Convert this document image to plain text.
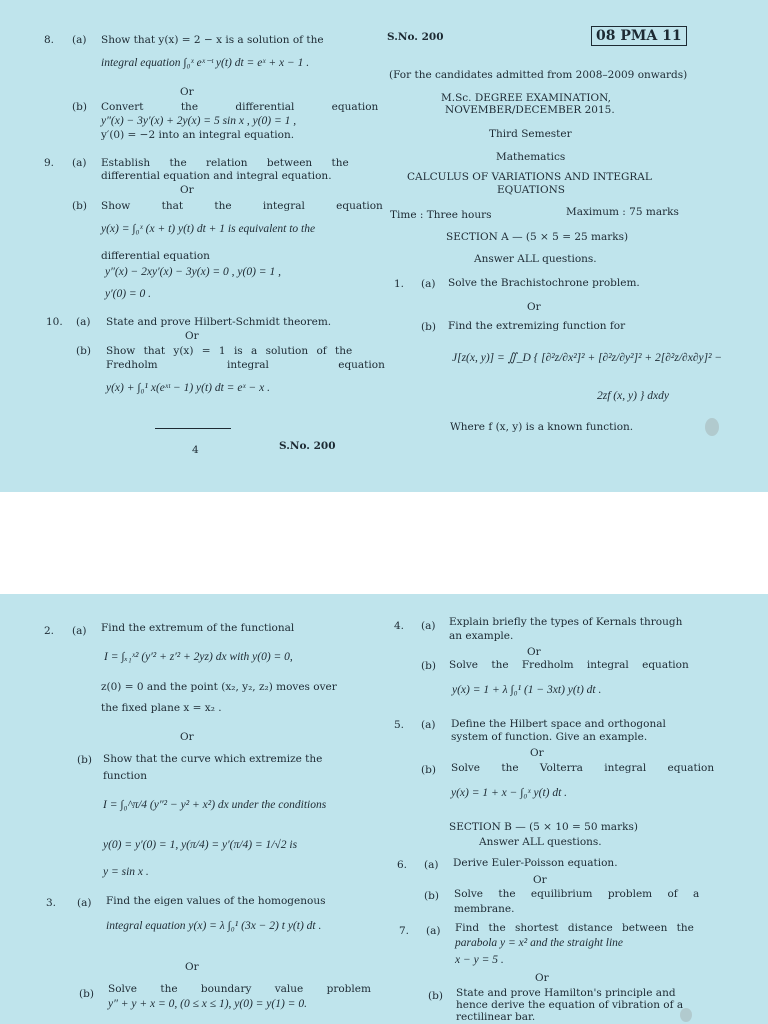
8. (a) Show that y(x) = 2 − x is a solution of the
integral equation ∫₀ˣ eˣ⁻ᵗ y(t) dt = eˣ + x − 1 .
Or
(b) Convert the differential equation
y″(x) − 3y′(x) + 2y(x) = 5 sin x , y(0) = 1 ,
y′(0) = −2 into an integral equation.
9. (a) Establish the relation between the
differential equation and integral equation.
Or
(b) Show that the integral equation
y(x) = ∫₀ˣ (x + t) y(t) dt + 1 is equivalent to the
differential equation
y″(x) − 2xy′(x) − 3y(x) = 0 , y(0) = 1 ,
y′(0) = 0 .
10. (a) State and prove Hilbert-Schmidt theorem.
Or
(b) Show that y(x) = 1 is a solution of the
Fredholm integral equation
y(x) + ∫₀¹ x(eˣᵗ − 1) y(t) dt = eˣ − x .
4	S.No. 200
S.No. 200	08 PMA 11
(For the candidates admitted from 2008–2009 onwards)
M.Sc. DEGREE EXAMINATION,
NOVEMBER/DECEMBER 2015.
Third Semester
Mathematics
CALCULUS OF VARIATIONS AND INTEGRAL
EQUATIONS
Time : Three hours	Maximum : 75 marks
SECTION A — (5 × 5 = 25 marks)
Answer ALL questions.
1. (a) Solve the Brachistochrone problem.
Or
(b) Find the extremizing function for
J[z(x, y)] = ∬_D { [∂²z/∂x²]² + [∂²z/∂y²]² + 2[∂²z/∂x∂y]² −
2zf (x, y) } dxdy
Where f (x, y) is a known function.
2. (a) Find the extremum of the functional
I = ∫ₓ₁ˣ² (y′² + z′² + 2yz) dx with y(0) = 0,
z(0) = 0 and the point (x₂, y₂, z₂) moves over
the fixed plane x = x₂ .
Or
(b) Show that the curve which extremize the
function
I = ∫₀^π/4 (y″² − y² + x²) dx under the conditions
y(0) = y′(0) = 1, y(π/4) = y′(π/4) = 1/√2 is
y = sin x .
3. (a) Find the eigen values of the homogenous
integral equation y(x) = λ ∫₀¹ (3x − 2) t y(t) dt .
Or
(b) Solve the boundary value problem
y″ + y + x = 0, (0 ≤ x ≤ 1), y(0) = y(1) = 0.
4. (a) Explain briefly the types of Kernals through
an example.
Or
(b) Solve the Fredholm integral equation
y(x) = 1 + λ ∫₀¹ (1 − 3xt) y(t) dt .
5. (a) Define the Hilbert space and orthogonal
system of function. Give an example.
Or
(b) Solve the Volterra integral equation
y(x) = 1 + x − ∫₀ˣ y(t) dt .
SECTION B — (5 × 10 = 50 marks)
Answer ALL questions.
6. (a) Derive Euler-Poisson equation.
Or
(b) Solve the equilibrium problem of a
membrane.
7. (a) Find the shortest distance between the
parabola y = x² and the straight line
x − y = 5 .
Or
(b) State and prove Hamilton's principle and
hence derive the equation of vibration of a
rectilinear bar.
